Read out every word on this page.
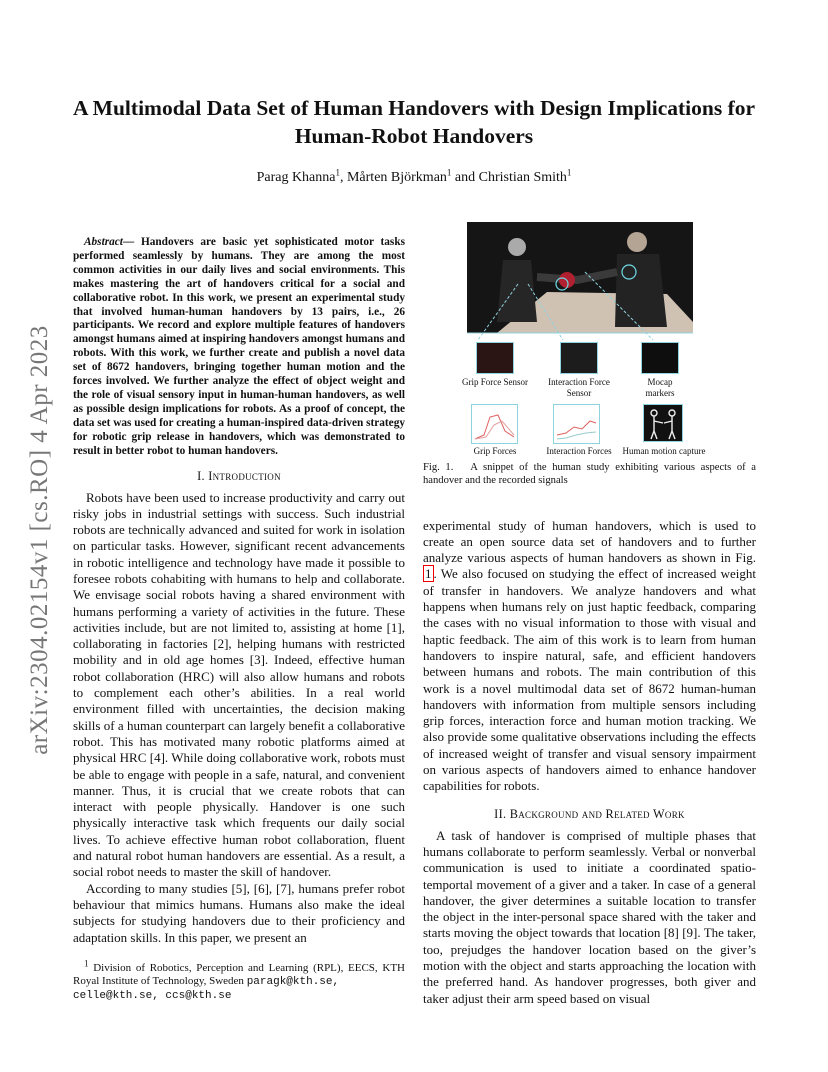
arXiv:2304.02154v1 [cs.RO] 4 Apr 2023
A Multimodal Data Set of Human Handovers with Design Implications for Human-Robot Handovers
Parag Khanna$^1$, Mårten Björkman$^1$ and Christian Smith$^1$

Abstract— Handovers are basic yet sophisticated motor tasks performed seamlessly by humans. They are among the most common activities in our daily lives and social environments. This makes mastering the art of handovers critical for a social and collaborative robot. In this work, we present an experimental study that involved human-human handovers by 13 pairs, i.e., 26 participants. We record and explore multiple features of handovers amongst humans aimed at inspiring handovers amongst humans and robots. With this work, we further create and publish a novel data set of 8672 handovers, bringing together human motion and the forces involved. We further analyze the effect of object weight and the role of visual sensory input in human-human handovers, as well as possible design implications for robots. As a proof of concept, the data set was used for creating a human-inspired data-driven strategy for robotic grip release in handovers, which was demonstrated to result in better robot to human handovers.

I. Introduction

Robots have been used to increase productivity and carry out risky jobs in industrial settings with success. Such industrial robots are technically advanced and suited for work in isolation on particular tasks. However, significant recent advancements in robotic intelligence and technology have made it possible to foresee robots cohabiting with humans to help and collaborate. We envisage social robots having a shared environment with humans performing a variety of activities in the future. These activities include, but are not limited to, assisting at home [1], collaborating in factories [2], helping humans with restricted mobility and in old age homes [3]. Indeed, effective human robot collaboration (HRC) will also allow humans and robots to complement each other’s abilities. In a real world environment filled with uncertainties, the decision making skills of a human counterpart can largely benefit a collaborative robot. This has motivated many robotic platforms aimed at physical HRC [4]. While doing collaborative work, robots must be able to engage with people in a safe, natural, and convenient manner. Thus, it is crucial that we create robots that can interact with people physically. Handover is one such physically interactive task which frequents our daily social lives. To achieve effective human robot collaboration, fluent and natural robot human handovers are essential. As a result, a social robot needs to master the skill of handover.

According to many studies [5], [6], [7], humans prefer robot behaviour that mimics humans. Humans also make the ideal subjects for studying handovers due to their proficiency and adaptation skills. In this paper, we present an

$^1$ Division of Robotics, Perception and Learning (RPL), EECS, KTH Royal Institute of Technology, Sweden paragk@kth.se,
celle@kth.se, ccs@kth.se
Grip Force Sensor	Interaction Force Sensor
Mocap markers
Grip Forces	Interaction Forces	Human motion capture
Fig. 1. A snippet of the human study exhibiting various aspects of a handover and the recorded signals

experimental study of human handovers, which is used to create an open source data set of handovers and to further analyze various aspects of human handovers as shown in Fig. 1 . We also focused on studying the effect of increased weight of transfer in handovers. We analyze handovers and what happens when humans rely on just haptic feedback, comparing the cases with no visual information to those with visual and haptic feedback. The aim of this work is to learn from human handovers to inspire natural, safe, and efficient handovers between humans and robots. The main contribution of this work is a novel multimodal data set of 8672 human-human handovers with information from multiple sensors including grip forces, interaction force and human motion tracking. We also provide some qualitative observations including the effects of increased weight of transfer and visual sensory impairment on various aspects of handovers aimed to enhance handover capabilities for robots.

II. Background and Related Work

A task of handover is comprised of multiple phases that humans collaborate to perform seamlessly. Verbal or nonverbal communication is used to initiate a coordinated spatio-temportal movement of a giver and a taker. In case of a general handover, the giver determines a suitable location to transfer the object in the inter-personal space shared with the taker and starts moving the object towards that location [8] [9]. The taker, too, prejudges the handover location based on the giver’s motion with the object and starts approaching the location with the preferred hand. As handover progresses, both giver and taker adjust their arm speed based on visual
